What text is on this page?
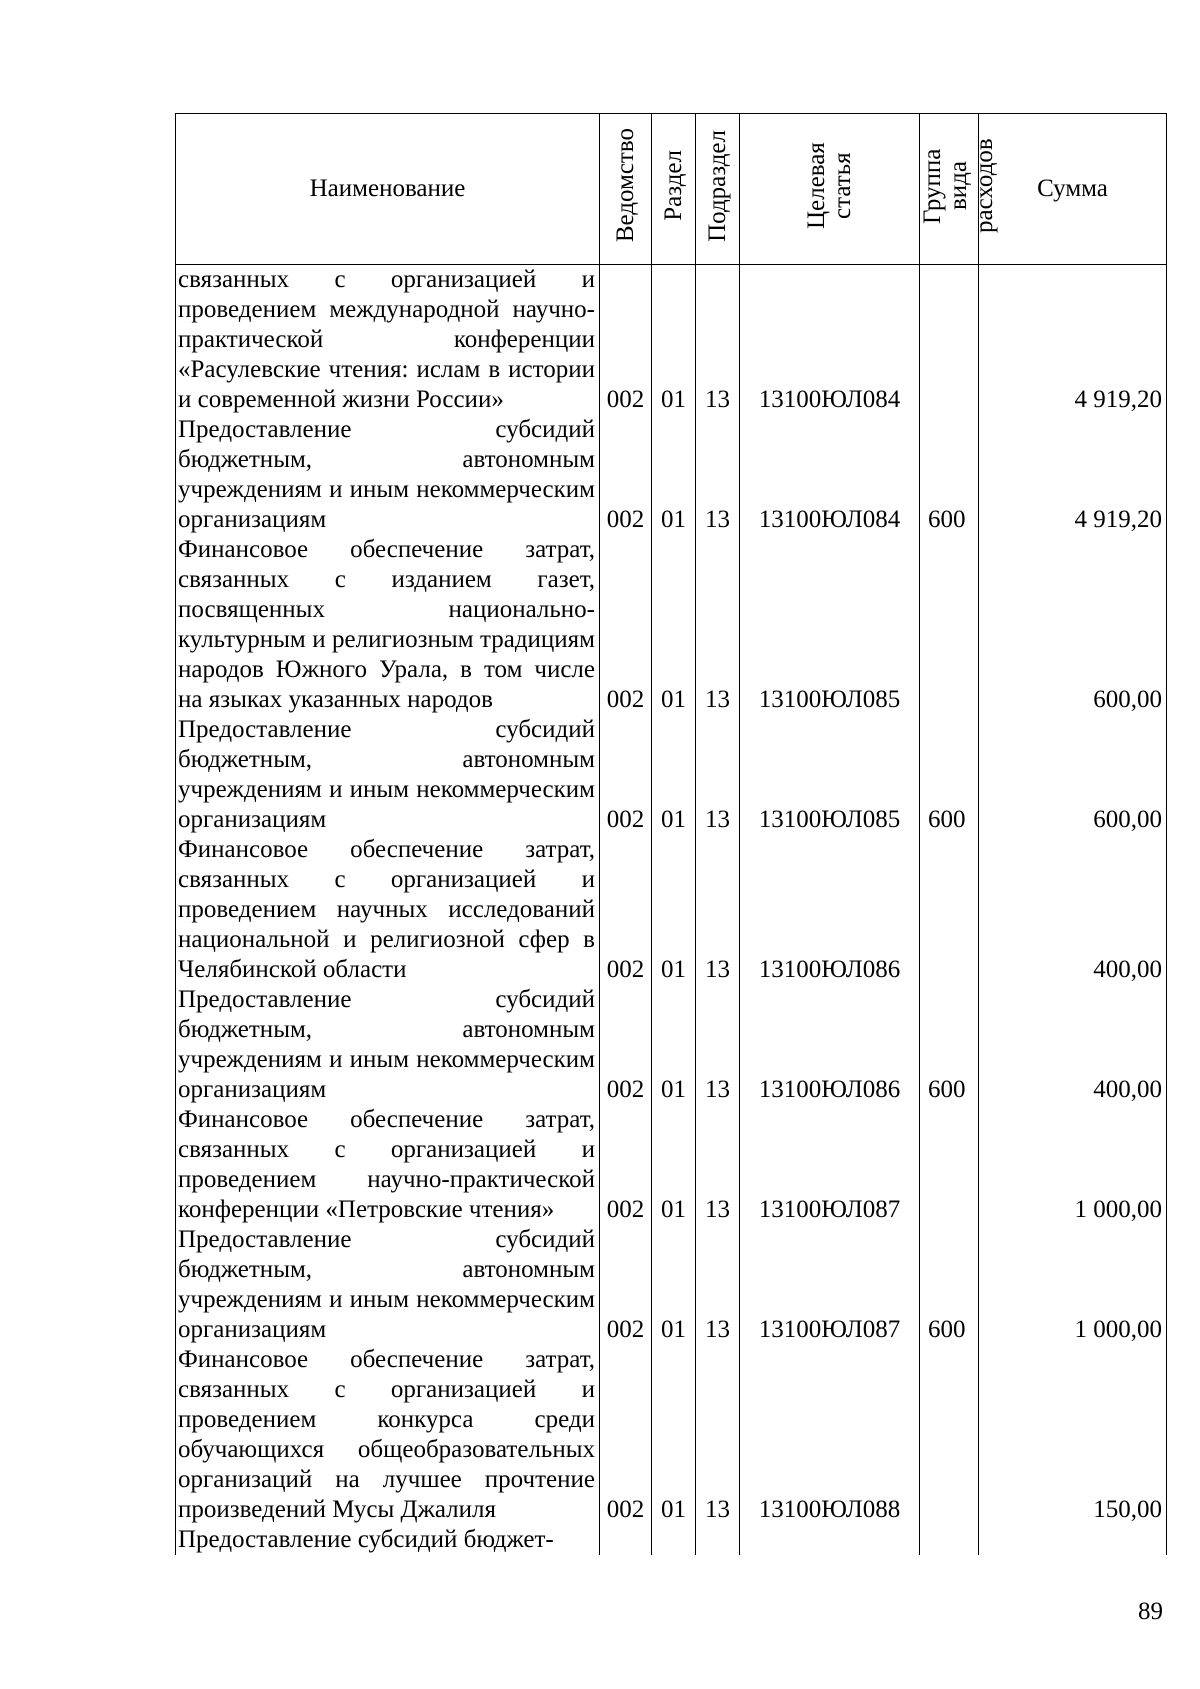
Наименование	Ведомство	Раздел	Подраздел	Целевая статья	Группа вида расходов	Сумма
связанных с организацией и проведением международной научно-практической конференции «Расулевские чтения: ислам в истории и современной жизни России»	002	01	13	13100ЮЛ084		4 919,20
Предоставление субсидий бюджетным, автономным учреждениям и иным некоммерческим организациям	002	01	13	13100ЮЛ084	600	4 919,20
Финансовое обеспечение затрат, связанных с изданием газет, посвященных национально-культурным и религиозным традициям народов Южного Урала, в том числе на языках указанных народов	002	01	13	13100ЮЛ085		600,00
Предоставление субсидий бюджетным, автономным учреждениям и иным некоммерческим организациям	002	01	13	13100ЮЛ085	600	600,00
Финансовое обеспечение затрат, связанных с организацией и проведением научных исследований национальной и религиозной сфер в Челябинской области	002	01	13	13100ЮЛ086		400,00
Предоставление субсидий бюджетным, автономным учреждениям и иным некоммерческим организациям	002	01	13	13100ЮЛ086	600	400,00
Финансовое обеспечение затрат, связанных с организацией и проведением научно-практической конференции «Петровские чтения»	002	01	13	13100ЮЛ087		1 000,00
Предоставление субсидий бюджетным, автономным учреждениям и иным некоммерческим организациям	002	01	13	13100ЮЛ087	600	1 000,00
Финансовое обеспечение затрат, связанных с организацией и проведением конкурса среди обучающихся общеобразовательных организаций на лучшее прочтение произведений Мусы Джалиля	002	01	13	13100ЮЛ088		150,00
Предоставление субсидий бюджет-						
89
